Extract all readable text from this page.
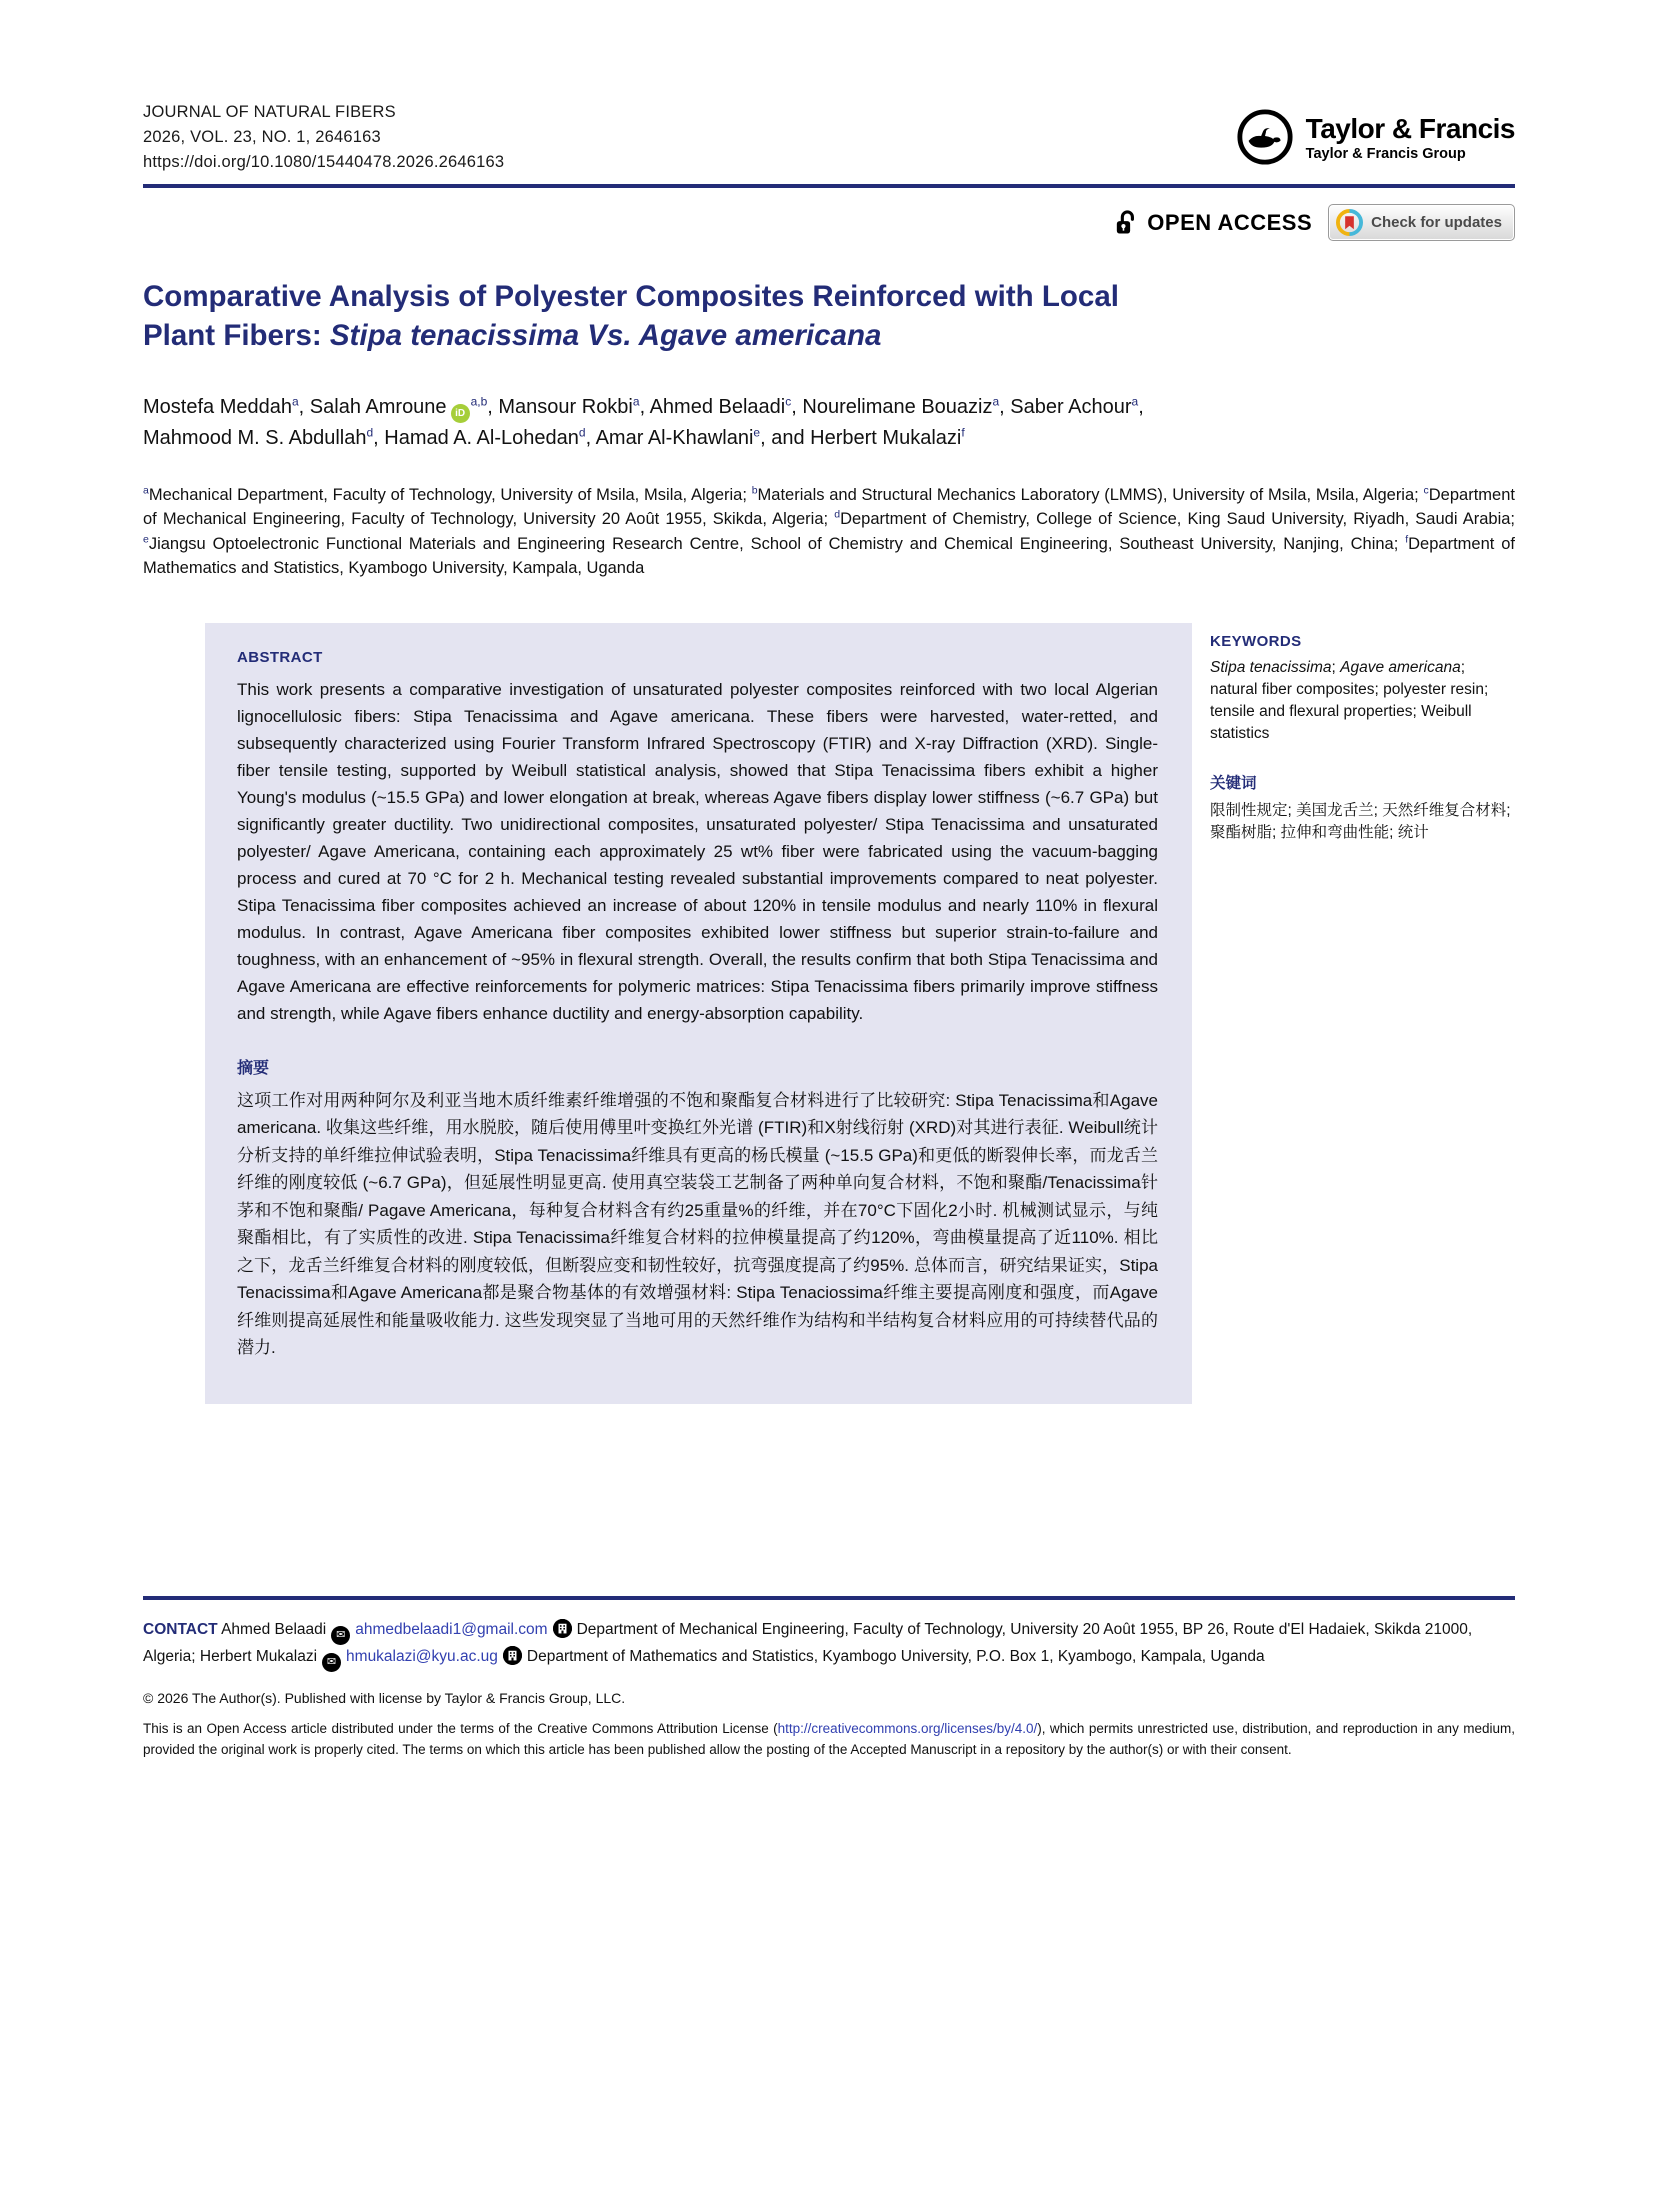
JOURNAL OF NATURAL FIBERS
2026, VOL. 23, NO. 1, 2646163
https://doi.org/10.1080/15440478.2026.2646163
Taylor & Francis
Taylor & Francis Group
OPEN ACCESS	Check for updates
Comparative Analysis of Polyester Composites Reinforced with Local Plant Fibers: Stipa tenacissima Vs. Agave americana
Mostefa Meddah$^a$, Salah Amroune iD$^{a,b}$, Mansour Rokbi$^a$, Ahmed Belaadi$^c$, Nourelimane Bouaziz$^a$, Saber Achour$^a$, Mahmood M. S. Abdullah$^d$, Hamad A. Al-Lohedan$^d$, Amar Al-Khawlani$^e$, and Herbert Mukalazi$^f$
$^a$Mechanical Department, Faculty of Technology, University of Msila, Msila, Algeria; $^b$Materials and Structural Mechanics Laboratory (LMMS), University of Msila, Msila, Algeria; $^c$Department of Mechanical Engineering, Faculty of Technology, University 20 Août 1955, Skikda, Algeria; $^d$Department of Chemistry, College of Science, King Saud University, Riyadh, Saudi Arabia; $^e$Jiangsu Optoelectronic Functional Materials and Engineering Research Centre, School of Chemistry and Chemical Engineering, Southeast University, Nanjing, China; $^f$Department of Mathematics and Statistics, Kyambogo University, Kampala, Uganda
ABSTRACT
This work presents a comparative investigation of unsaturated polyester composites reinforced with two local Algerian lignocellulosic fibers: Stipa Tenacissima and Agave americana. These fibers were harvested, water-retted, and subsequently characterized using Fourier Transform Infrared Spectroscopy (FTIR) and X-ray Diffraction (XRD). Single-fiber tensile testing, supported by Weibull statistical analysis, showed that Stipa Tenacissima fibers exhibit a higher Young's modulus (~15.5 GPa) and lower elongation at break, whereas Agave fibers display lower stiffness (~6.7 GPa) but significantly greater ductility. Two unidirectional composites, unsaturated polyester/ Stipa Tenacissima and unsaturated polyester/ Agave Americana, containing each approximately 25 wt% fiber were fabricated using the vacuum-bagging process and cured at 70 °C for 2 h. Mechanical testing revealed substantial improvements compared to neat polyester. Stipa Tenacissima fiber composites achieved an increase of about 120% in tensile modulus and nearly 110% in flexural modulus. In contrast, Agave Americana fiber composites exhibited lower stiffness but superior strain-to-failure and toughness, with an enhancement of ~95% in flexural strength. Overall, the results confirm that both Stipa Tenacissima and Agave Americana are effective reinforcements for polymeric matrices: Stipa Tenacissima fibers primarily improve stiffness and strength, while Agave fibers enhance ductility and energy-absorption capability.
摘要
这项工作对用两种阿尔及利亚当地木质纤维素纤维增强的不饱和聚酯复合材料进行了比较研究: Stipa Tenacissima和Agave americana. 收集这些纤维，用水脱胶，随后使用傅里叶变换红外光谱 (FTIR)和X射线衍射 (XRD)对其进行表征. Weibull统计分析支持的单纤维拉伸试验表明，Stipa Tenacissima纤维具有更高的杨氏模量 (~15.5 GPa)和更低的断裂伸长率，而龙舌兰纤维的刚度较低 (~6.7 GPa)，但延展性明显更高. 使用真空装袋工艺制备了两种单向复合材料，不饱和聚酯/Tenacissima针茅和不饱和聚酯/ Pagave Americana，每种复合材料含有约25重量%的纤维，并在70°C下固化2小时. 机械测试显示，与纯聚酯相比，有了实质性的改进. Stipa Tenacissima纤维复合材料的拉伸模量提高了约120%，弯曲模量提高了近110%. 相比之下，龙舌兰纤维复合材料的刚度较低，但断裂应变和韧性较好，抗弯强度提高了约95%. 总体而言，研究结果证实，Stipa Tenacissima和Agave Americana都是聚合物基体的有效增强材料: Stipa Tenaciossima纤维主要提高刚度和强度，而Agave纤维则提高延展性和能量吸收能力. 这些发现突显了当地可用的天然纤维作为结构和半结构复合材料应用的可持续替代品的潜力.
KEYWORDS
Stipa tenacissima; Agave americana; natural fiber composites; polyester resin; tensile and flexural properties; Weibull statistics
关键词
限制性规定; 美国龙舌兰; 天然纤维复合材料; 聚酯树脂; 拉伸和弯曲性能; 统计
CONTACT Ahmed Belaadi ✉ ahmedbelaadi1@gmail.com Department of Mechanical Engineering, Faculty of Technology, University 20 Août 1955, BP 26, Route d'El Hadaiek, Skikda 21000, Algeria; Herbert Mukalazi ✉ hmukalazi@kyu.ac.ug Department of Mathematics and Statistics, Kyambogo University, P.O. Box 1, Kyambogo, Kampala, Uganda
© 2026 The Author(s). Published with license by Taylor & Francis Group, LLC.
This is an Open Access article distributed under the terms of the Creative Commons Attribution License (http://creativecommons.org/licenses/by/4.0/), which permits unrestricted use, distribution, and reproduction in any medium, provided the original work is properly cited. The terms on which this article has been published allow the posting of the Accepted Manuscript in a repository by the author(s) or with their consent.
